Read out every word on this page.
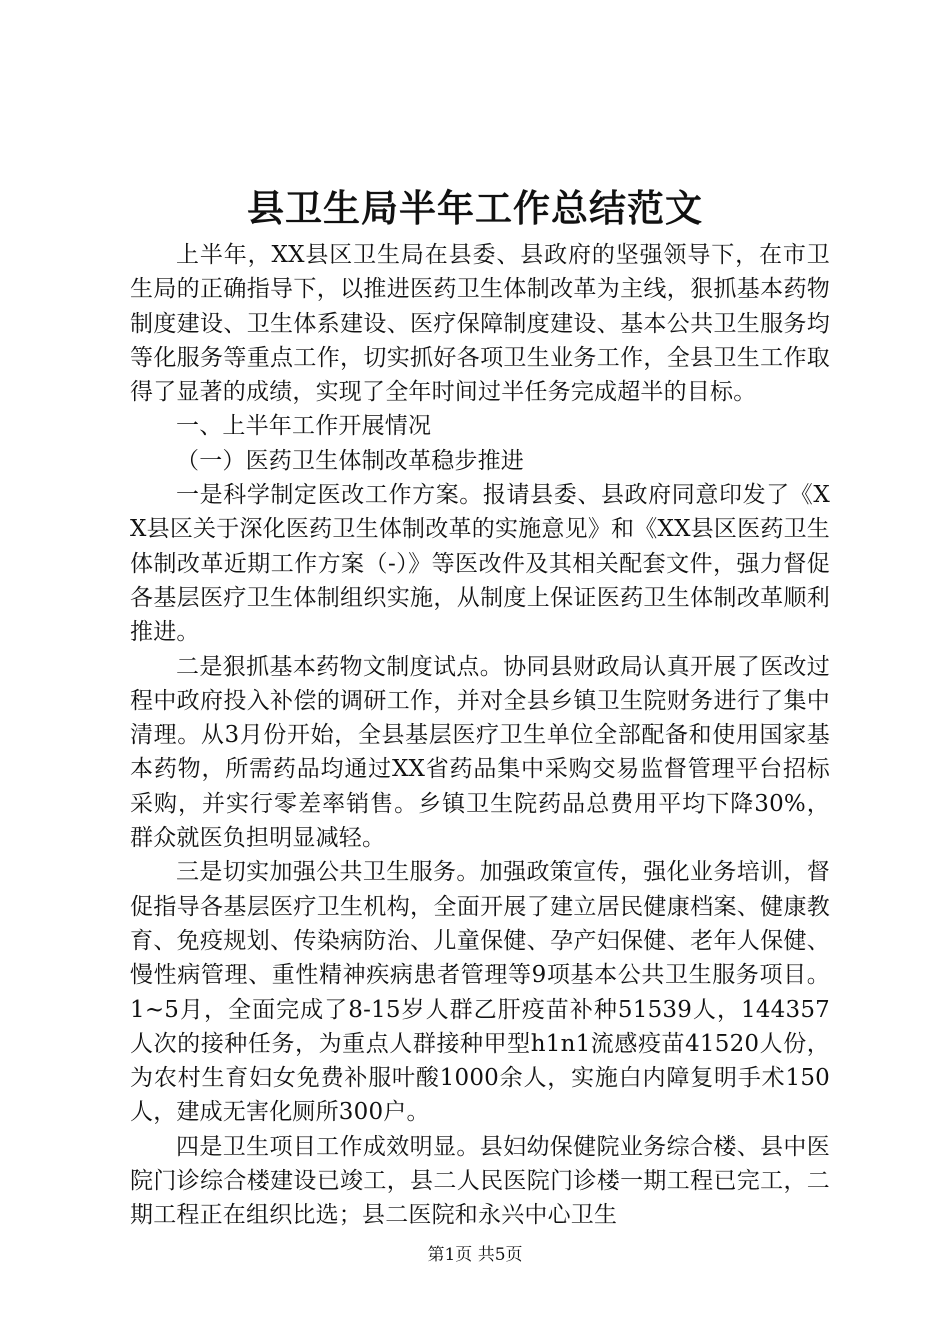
县卫生局半年工作总结范文

上半年，XX县区卫生局在县委、县政府的坚强领导下，在市卫生局的正确指导下，以推进医药卫生体制改革为主线，狠抓基本药物制度建设、卫生体系建设、医疗保障制度建设、基本公共卫生服务均等化服务等重点工作，切实抓好各项卫生业务工作，全县卫生工作取得了显著的成绩，实现了全年时间过半任务完成超半的目标。

一、上半年工作开展情况

（一）医药卫生体制改革稳步推进

一是科学制定医改工作方案。报请县委、县政府同意印发了《XX县区关于深化医药卫生体制改革的实施意见》和《XX县区医药卫生体制改革近期工作方案（-）》等医改件及其相关配套文件，强力督促各基层医疗卫生体制组织实施，从制度上保证医药卫生体制改革顺利推进。

二是狠抓基本药物文制度试点。协同县财政局认真开展了医改过程中政府投入补偿的调研工作，并对全县乡镇卫生院财务进行了集中清理。从3月份开始，全县基层医疗卫生单位全部配备和使用国家基本药物，所需药品均通过XX省药品集中采购交易监督管理平台招标采购，并实行零差率销售。乡镇卫生院药品总费用平均下降30%，群众就医负担明显减轻。

三是切实加强公共卫生服务。加强政策宣传，强化业务培训，督促指导各基层医疗卫生机构，全面开展了建立居民健康档案、健康教育、免疫规划、传染病防治、儿童保健、孕产妇保健、老年人保健、慢性病管理、重性精神疾病患者管理等9项基本公共卫生服务项目。1~5月，全面完成了8-15岁人群乙肝疫苗补种51539人，144357人次的接种任务，为重点人群接种甲型h1n1流感疫苗41520人份，为农村生育妇女免费补服叶酸1000余人，实施白内障复明手术150人，建成无害化厕所300户。

四是卫生项目工作成效明显。县妇幼保健院业务综合楼、县中医院门诊综合楼建设已竣工，县二人民医院门诊楼一期工程已完工，二期工程正在组织比选；县二医院和永兴中心卫生

第1页 共5页
